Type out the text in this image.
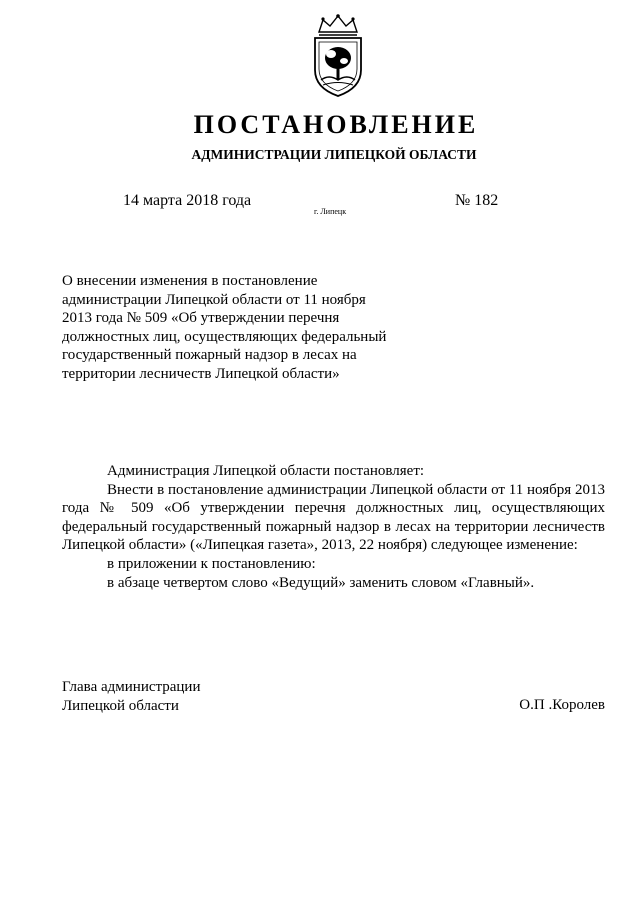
ПОСТАНОВЛЕНИЕ
АДМИНИСТРАЦИИ ЛИПЕЦКОЙ ОБЛАСТИ
14 марта 2018 года
г. Липецк
№ 182
О внесении изменения в постановление
администрации Липецкой области от 11 ноября
2013 года № 509 «Об утверждении перечня
должностных лиц, осуществляющих федеральный
государственный пожарный надзор в лесах на
территории лесничеств Липецкой области»
Администрация Липецкой области постановляет:
Внести в постановление администрации Липецкой области от 11 ноября 2013 года № 509 «Об утверждении перечня должностных лиц, осуществляющих федеральный государственный пожарный надзор в лесах на территории лесничеств Липецкой области» («Липецкая газета», 2013, 22 ноября) следующее изменение:
в приложении к постановлению:
в абзаце четвертом слово «Ведущий» заменить словом «Главный».
Глава администрации
Липецкой области	О.П .Королев
